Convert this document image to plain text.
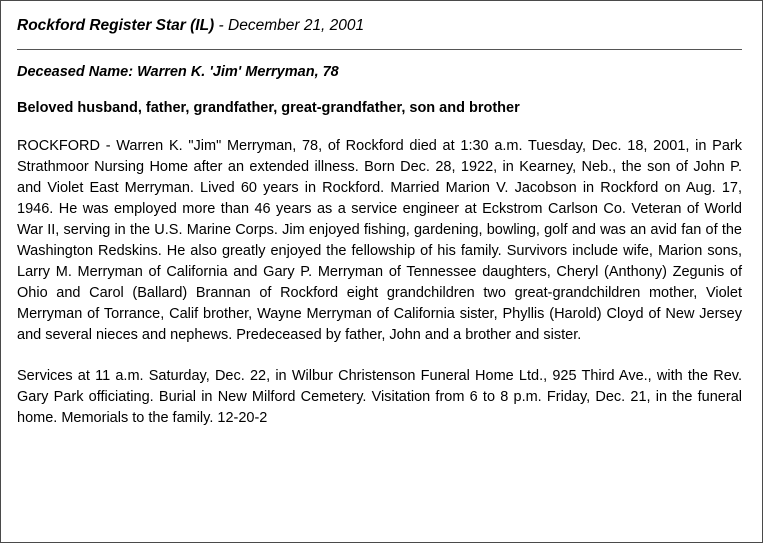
Rockford Register Star (IL) - December 21, 2001
Deceased Name: Warren K. 'Jim' Merryman, 78
Beloved husband, father, grandfather, great-grandfather, son and brother

ROCKFORD - Warren K. "Jim" Merryman, 78, of Rockford died at 1:30 a.m. Tuesday, Dec. 18, 2001, in Park Strathmoor Nursing Home after an extended illness. Born Dec. 28, 1922, in Kearney, Neb., the son of John P. and Violet East Merryman. Lived 60 years in Rockford. Married Marion V. Jacobson in Rockford on Aug. 17, 1946. He was employed more than 46 years as a service engineer at Eckstrom Carlson Co. Veteran of World War II, serving in the U.S. Marine Corps. Jim enjoyed fishing, gardening, bowling, golf and was an avid fan of the Washington Redskins. He also greatly enjoyed the fellowship of his family. Survivors include wife, Marion sons, Larry M. Merryman of California and Gary P. Merryman of Tennessee daughters, Cheryl (Anthony) Zegunis of Ohio and Carol (Ballard) Brannan of Rockford eight grandchildren two great-grandchildren mother, Violet Merryman of Torrance, Calif brother, Wayne Merryman of California sister, Phyllis (Harold) Cloyd of New Jersey and several nieces and nephews. Predeceased by father, John and a brother and sister.

Services at 11 a.m. Saturday, Dec. 22, in Wilbur Christenson Funeral Home Ltd., 925 Third Ave., with the Rev. Gary Park officiating. Burial in New Milford Cemetery. Visitation from 6 to 8 p.m. Friday, Dec. 21, in the funeral home. Memorials to the family. 12-20-2
